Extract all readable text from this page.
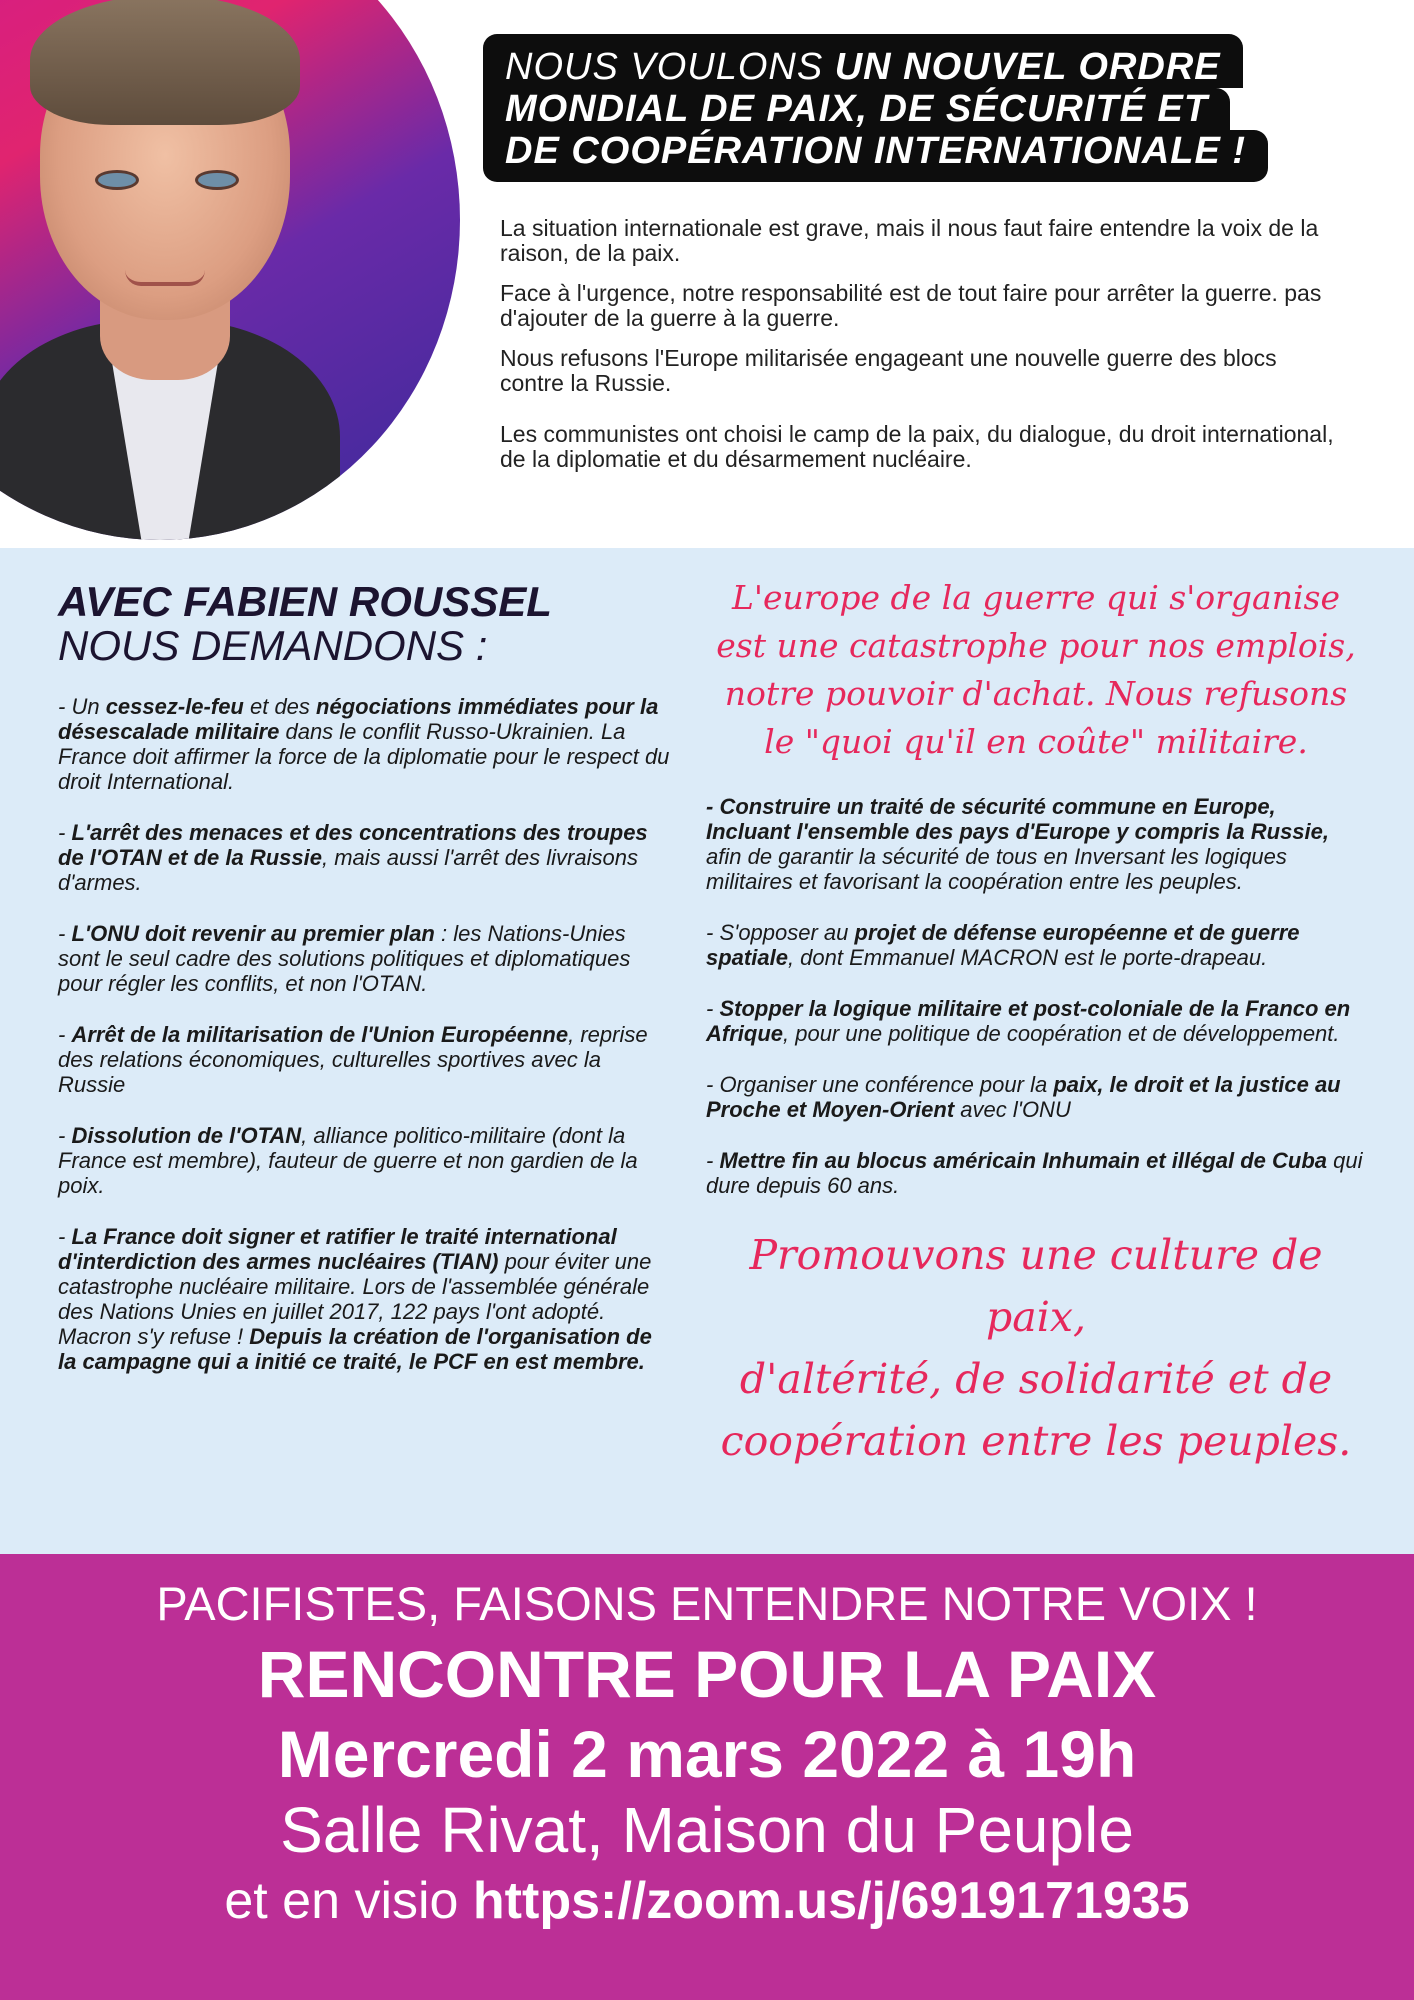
NOUS VOULONS UN NOUVEL ORDRE
MONDIAL DE PAIX, DE SÉCURITÉ ET
DE COOPÉRATION INTERNATIONALE !

La situation internationale est grave, mais il nous faut faire entendre la voix de la raison, de la paix.

Face à l'urgence, notre responsabilité est de tout faire pour arrêter la guerre. pas d'ajouter de la guerre à la guerre.

Nous refusons l'Europe militarisée engageant une nouvelle guerre des blocs contre la Russie.

Les communistes ont choisi le camp de la paix, du dialogue, du droit international, de la diplomatie et du désarmement nucléaire.

AVEC FABIEN ROUSSEL
NOUS DEMANDONS :
- Un cessez-le-feu et des négociations immédiates pour la désescalade militaire dans le conflit Russo-Ukrainien. La France doit affirmer la force de la diplomatie pour le respect du droit International.
- L'arrêt des menaces et des concentrations des troupes de l'OTAN et de la Russie, mais aussi l'arrêt des livraisons d'armes.
- L'ONU doit revenir au premier plan : les Nations-Unies sont le seul cadre des solutions politiques et diplomatiques pour régler les conflits, et non l'OTAN.
- Arrêt de la militarisation de l'Union Européenne, reprise des relations économiques, culturelles sportives avec la Russie
- Dissolution de l'OTAN, alliance politico-militaire (dont la France est membre), fauteur de guerre et non gardien de la poix.
- La France doit signer et ratifier le traité international d'interdiction des armes nucléaires (TIAN) pour éviter une catastrophe nucléaire militaire. Lors de l'assemblée générale des Nations Unies en juillet 2017, 122 pays l'ont adopté. Macron s'y refuse ! Depuis la création de l'organisation de la campagne qui a initié ce traité, le PCF en est membre.
L'europe de la guerre qui s'organise
est une catastrophe pour nos emplois,
notre pouvoir d'achat. Nous refusons
le "quoi qu'il en coûte" militaire.
- Construire un traité de sécurité commune en Europe, Incluant l'ensemble des pays d'Europe y compris la Russie, afin de garantir la sécurité de tous en Inversant les logiques militaires et favorisant la coopération entre les peuples.
- S'opposer au projet de défense européenne et de guerre spatiale, dont Emmanuel MACRON est le porte-drapeau.
- Stopper la logique militaire et post-coloniale de la Franco en Afrique, pour une politique de coopération et de développement.
- Organiser une conférence pour la paix, le droit et la justice au Proche et Moyen-Orient avec l'ONU
- Mettre fin au blocus américain Inhumain et illégal de Cuba qui dure depuis 60 ans.
Promouvons une culture de paix,
d'altérité, de solidarité et de
coopération entre les peuples.
PACIFISTES, FAISONS ENTENDRE NOTRE VOIX !
RENCONTRE POUR LA PAIX
Mercredi 2 mars 2022 à 19h
Salle Rivat, Maison du Peuple
et en visio https://zoom.us/j/6919171935
